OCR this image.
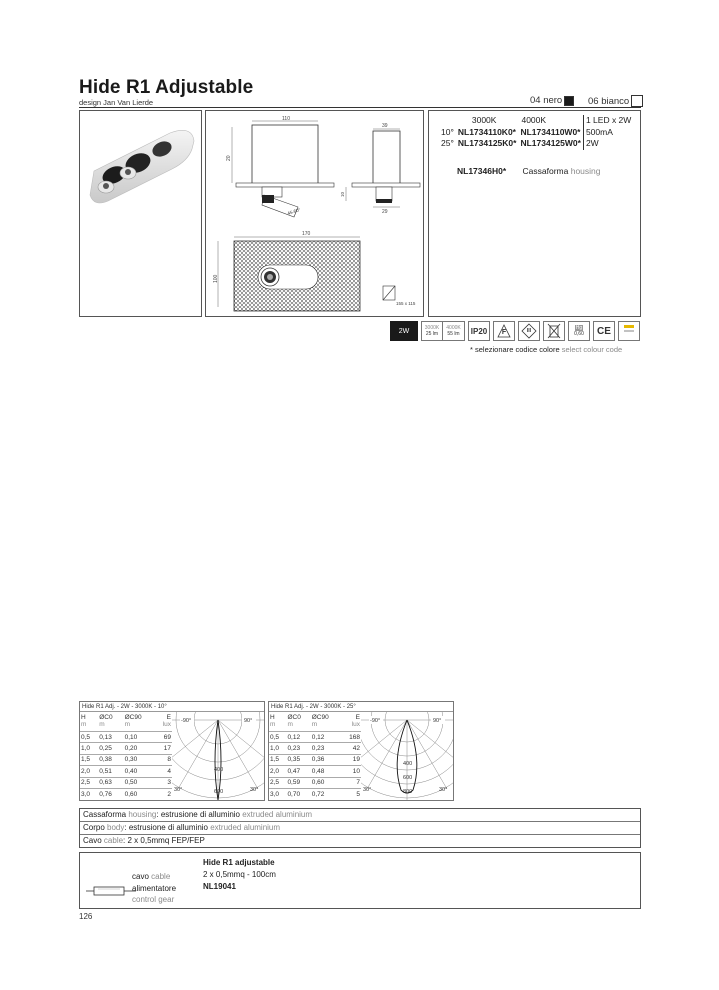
Hide R1 Adjustable
design Jan Van Lierde	04 nero	06 bianco
110
20
45-60°
39
10
29
170
100
155 x 115
	3000K	4000K	1 LED x 2W
10°	NL1734110K0*	NL1734110W0*	500mA
25°	NL1734125K0*	NL1734125W0*	2W
NL17346H0* Cassaforma housing
2W	3000K
25 lm
4000K
55 lm	IP20	F	III	Hg
0,60	CE
* selezionare codice colore select colour code
Hide R1 Adj. - 2W - 3000K - 10°
H
m	ØC0
m	ØC90
m	E
lux
0,5	0,13	0,10	69
1,0	0,25	0,20	17
1,5	0,38	0,30	8
2,0	0,51	0,40	4
2,5	0,63	0,50	3
3,0	0,76	0,60	2
-90°	90°
30°	30°
400
600
Hide R1 Adj. - 2W - 3000K - 25°
H
m	ØC0
m	ØC90
m	E
lux
0,5	0,12	0,12	168
1,0	0,23	0,23	42
1,5	0,35	0,36	19
2,0	0,47	0,48	10
2,5	0,59	0,60	7
3,0	0,70	0,72	5
-90°	90°
30°	30°
400
600
800
Cassaforma housing: estrusione di alluminio extruded aluminium
Corpo body: estrusione di alluminio extruded aluminium
Cavo cable: 2 x 0,5mmq FEP/FEP
cavo cable
alimentatore
control gear
Hide R1 adjustable
2 x 0,5mmq - 100cm
NL19041
126
